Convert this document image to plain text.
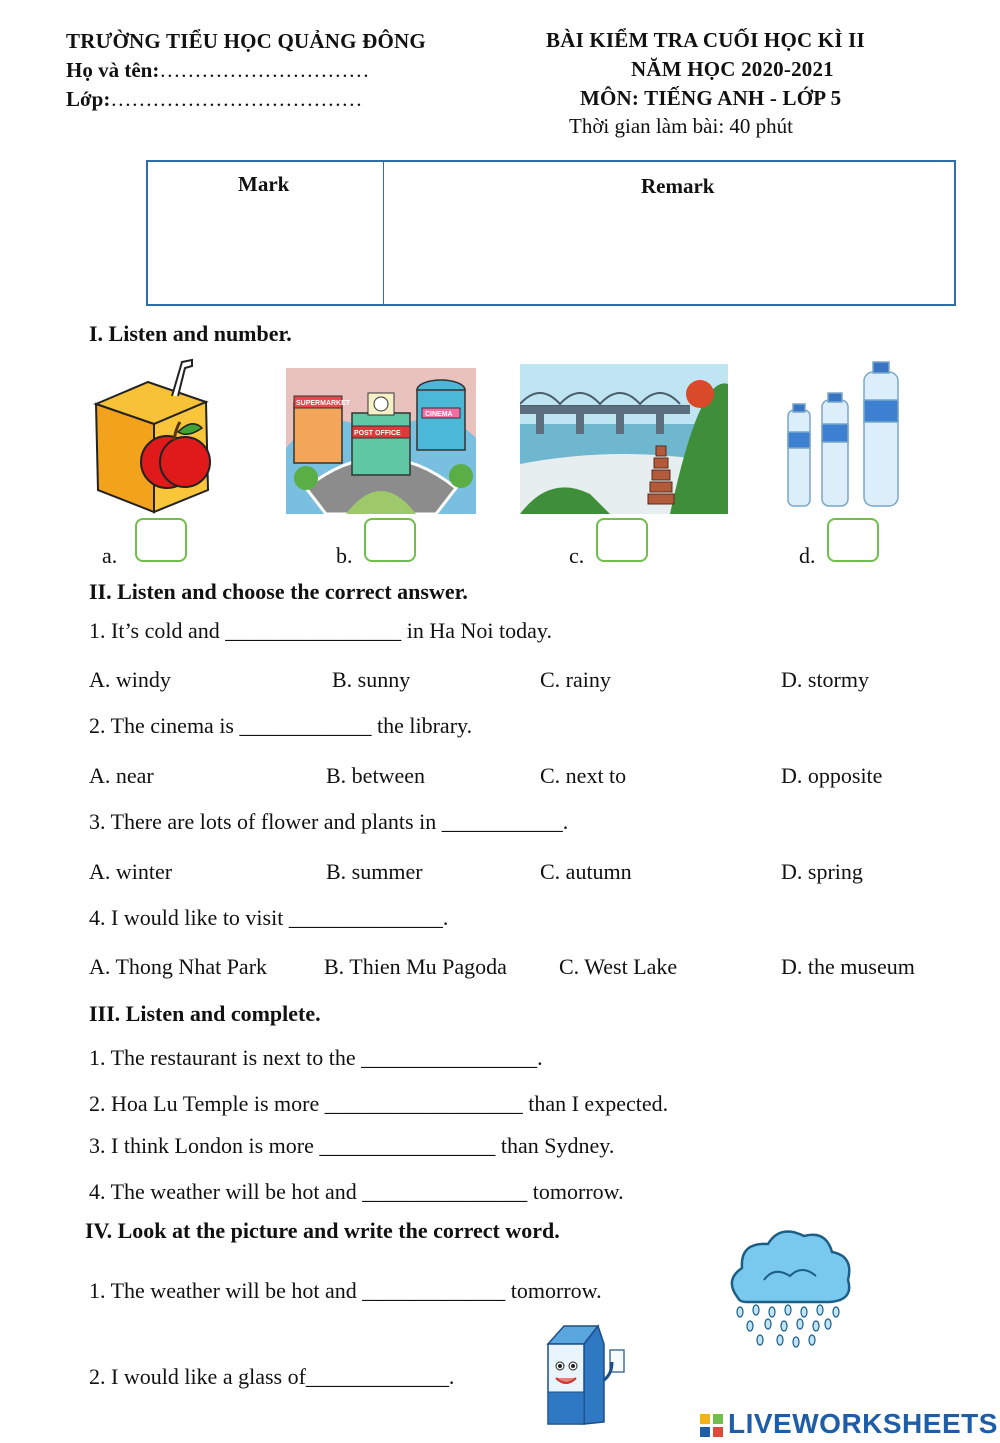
TRƯỜNG TIỂU HỌC QUẢNG ĐÔNG
Họ và tên:…………………………
Lớp:………………………………
BÀI KIỂM TRA CUỐI HỌC KÌ II
NĂM HỌC 2020-2021
MÔN: TIẾNG ANH - LỚP 5
Thời gian làm bài: 40 phút
Mark	Remark
I. Listen and number.
SUPERMARKET
POST OFFICE
CINEMA
a.	b.	c.	d.
II. Listen and choose the correct answer.
1. It’s cold and ________________ in Ha Noi today.
A. windy	B. sunny	C. rainy	D. stormy
2. The cinema is ____________ the library.
A. near	B. between	C. next to	D. opposite
3. There are lots of flower and plants in ___________.
A. winter	B. summer	C. autumn	D. spring
4. I would like to visit ______________.
A. Thong Nhat Park	B. Thien Mu Pagoda C. West Lake	D. the museum
III. Listen and complete.
1. The restaurant is next to the ________________.
2. Hoa Lu Temple is more __________________ than I expected.
3. I think London is more ________________ than Sydney.
4. The weather will be hot and _______________ tomorrow.
IV. Look at the picture and write the correct word.
1. The weather will be hot and _____________ tomorrow.
2. I would like a glass of_____________.
LIVEWORKSHEETS
